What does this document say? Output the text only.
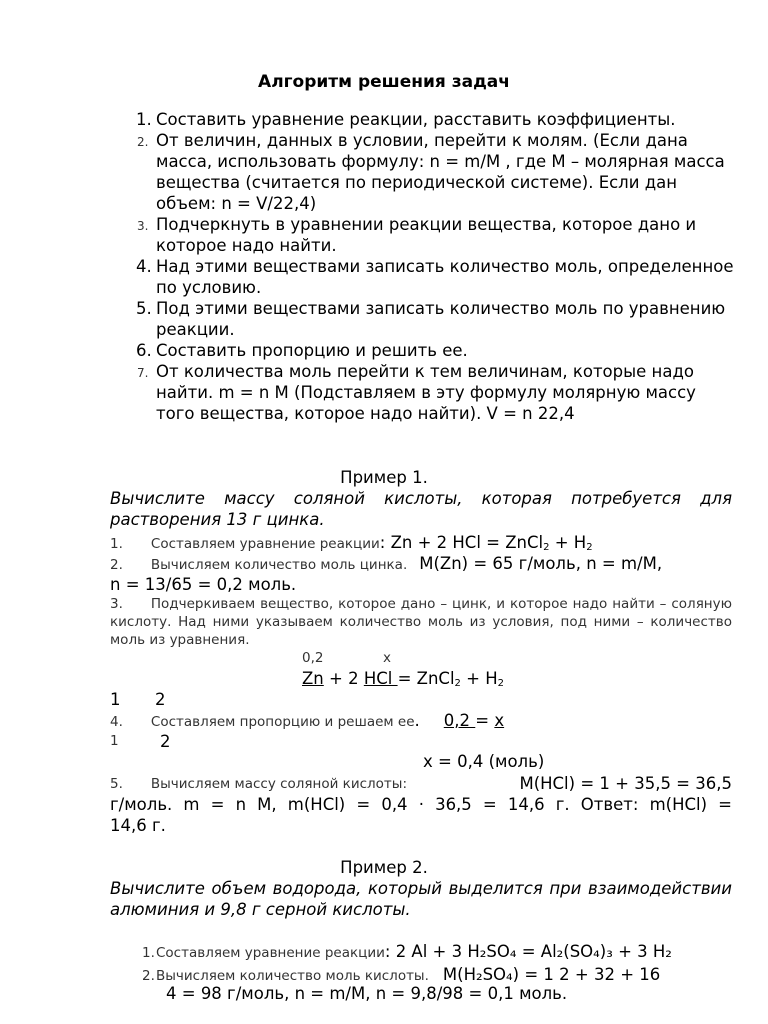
Алгоритм решения задач
1. Составить уравнение реакции, расставить коэффициенты.
2. От величин, данных в условии, перейти к молям. (Если дана масса, использовать формулу: n = m/M , где М – молярная масса вещества (считается по периодической системе). Если дан объем: n = V/22,4)
3. Подчеркнуть в уравнении реакции вещества, которое дано и которое надо найти.
4. Над этими веществами записать количество моль, определенное по условию.
5. Под этими веществами записать количество моль по уравнению реакции.
6. Составить пропорцию и решить ее.
7. От количества моль перейти к тем величинам, которые надо найти. m = n M (Подставляем в эту формулу молярную массу того вещества, которое надо найти). V = n 22,4
Пример 1.
Вычислите массу соляной кислоты, которая потребуется для растворения 13 г цинка.
1. Составляем уравнение реакции: Zn + 2 HCl = ZnCl$_2$ + $H_2$
2. Вычисляем количество моль цинка. M(Zn) = 65 г/моль, n = m/M,
n = 13/65 = 0,2 моль.
3. Подчеркиваем вещество, которое дано – цинк, и которое надо найти – соляную кислоту. Над ними указываем количество моль из условия, под ними – количество моль из уравнения.
0,2	x
Zn + 2 HCl = ZnCl$_2$ + $H_2$
1 2
4. Составляем пропорцию и решаем ее. 0,2 = x
1	2
x = 0,4 (моль)
5. Вычисляем массу соляной кислоты:	M(HCl) = 1 + 35,5 = 36,5
г/моль. m = n M, m(HCl) = 0,4 · 36,5 = 14,6 г. Ответ: m(HCl) =
14,6 г.
Пример 2.
Вычислите объем водорода, который выделится при взаимодействии алюминия и 9,8 г серной кислоты.
1. Составляем уравнение реакции: 2 Al + 3 H₂SO₄ = Al₂(SO₄)₃ + 3 H₂
2. Вычисляем количество моль кислоты. M(H₂SO₄) = 1 2 + 32 + 16
4 = 98 г/моль, n = m/M, n = 9,8/98 = 0,1 моль.
